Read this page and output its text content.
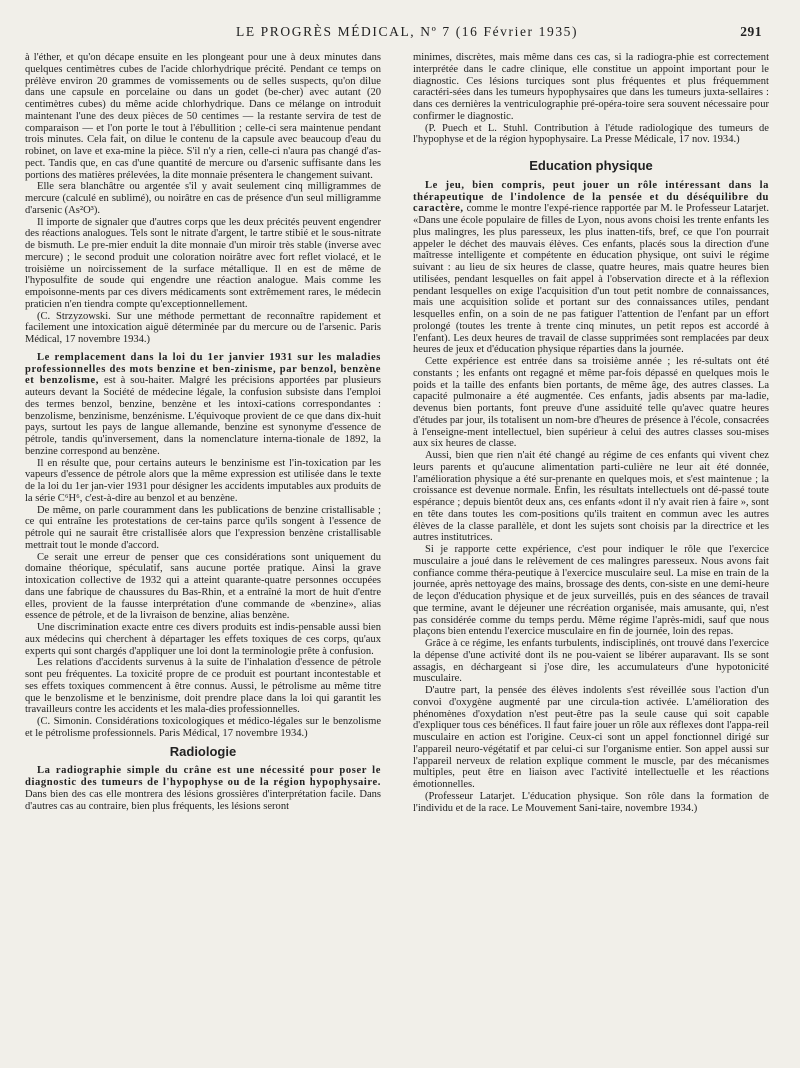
LE PROGRÈS MÉDICAL, Nº 7 (16 Février 1935)	291

à l'éther, et qu'on décape ensuite en les plongeant pour une à deux minutes dans quelques centimètres cubes de l'acide chlorhydrique précité. Pendant ce temps on prélève environ 20 grammes de vomissements ou de selles suspects, qu'on dilue dans une capsule en porcelaine ou dans un godet (be-cher) avec autant (20 centimètres cubes) du même acide chlorhydrique. Dans ce mélange on introduit maintenant l'une des deux pièces de 50 centimes — la restante servira de test de comparaison — et l'on porte le tout à l'ébullition ; celle-ci sera maintenue pendant trois minutes. Cela fait, on dilue le contenu de la capsule avec beaucoup d'eau du robinet, on lave et exa-mine la pièce. S'il n'y a rien, celle-ci n'aura pas changé d'as-pect. Tandis que, en cas d'une quantité de mercure ou d'arsenic suffisante dans les portions des matières prélevées, la dite monnaie présentera le changement suivant.

Elle sera blanchâtre ou argentée s'il y avait seulement cinq milligrammes de mercure (calculé en sublimé), ou noirâtre en cas de présence d'un seul milligramme d'arsenic (As²O³).

Il importe de signaler que d'autres corps que les deux précités peuvent engendrer des réactions analogues. Tels sont le nitrate d'argent, le tartre stibié et le sous-nitrate de bismuth. Le pre-mier enduit la dite monnaie d'un miroir très stable (inverse avec mercure) ; le second produit une coloration noirâtre avec fort reflet violacé, et le troisième un noircissement de la surface métallique. Il en est de même de l'hyposulfite de soude qui engendre une réaction analogue. Mais comme les empoisonne-ments par ces divers médicaments sont extrêmement rares, le médecin praticien n'en tiendra compte qu'exceptionnellement.

(C. Strzyzowski. Sur une méthode permettant de reconnaître rapidement et facilement une intoxication aiguë déterminée par du mercure ou de l'arsenic. Paris Médical, 17 novembre 1934.)

Le remplacement dans la loi du 1er janvier 1931 sur les maladies professionnelles des mots benzine et ben-zinisme, par benzol, benzène et benzolisme, est à sou-haiter. Malgré les précisions apportées par plusieurs auteurs devant la Société de médecine légale, la confusion subsiste dans l'emploi des termes benzol, benzine, benzène et les intoxi-cations correspondantes : benzolisme, benzinisme, benzénisme. L'équivoque provient de ce que dans dix-huit pays, surtout les pays de langue allemande, benzine est synonyme d'essence de pétrole, tandis qu'inversement, dans la nomenclature interna-tionale de 1892, la benzine correspond au benzène.

Il en résulte que, pour certains auteurs le benzinisme est l'in-toxication par les vapeurs d'essence de pétrole alors que la même expression est utilisée dans le texte de la loi du 1er jan-vier 1931 pour désigner les accidents imputables aux produits de la série C⁶H⁶, c'est-à-dire au benzol et au benzène.

De même, on parle couramment dans les publications de benzine cristallisable ; ce qui entraîne les protestations de cer-tains parce qu'ils songent à l'essence de pétrole qui ne saurait être cristallisée alors que l'expression benzène cristallisable mettrait tout le monde d'accord.

Ce serait une erreur de penser que ces considérations sont uniquement du domaine théorique, spéculatif, sans aucune portée pratique. Ainsi la grave intoxication collective de 1932 qui a atteint quarante-quatre personnes occupées dans une fabrique de chaussures du Bas-Rhin, et a entraîné la mort de huit d'entre elles, provient de la fausse interprétation d'une commande de «benzine», alias essence de pétrole, et de la livraison de benzine, alias benzène.

Une discrimination exacte entre ces divers produits est indis-pensable aussi bien aux médecins qui cherchent à départager les effets toxiques de ces corps, qu'aux experts qui sont chargés d'appliquer une loi dont la terminologie prête à confusion.

Les relations d'accidents survenus à la suite de l'inhalation d'essence de pétrole sont peu fréquentes. La toxicité propre de ce produit est pourtant incontestable et ses effets toxiques commencent à être connus. Aussi, le pétrolisme au même titre que le benzolisme et le benzinisme, doit prendre place dans la loi qui garantit les travailleurs contre les accidents et les mala-dies professionnelles.

(C. Simonin. Considérations toxicologiques et médico-légales sur le benzolisme et le pétrolisme professionnels. Paris Médical, 17 novembre 1934.)

Radiologie

La radiographie simple du crâne est une nécessité pour poser le diagnostic des tumeurs de l'hypophyse ou de la région hypophysaire. Dans bien des cas elle montrera des lésions grossières d'interprétation facile. Dans d'autres cas au contraire, bien plus fréquents, les lésions seront

minimes, discrètes, mais même dans ces cas, si la radiogra-phie est correctement interprétée dans le cadre clinique, elle constitue un appoint important pour le diagnostic. Ces lésions turciques sont plus fréquentes et plus fréquemment caractéri-sées dans les tumeurs hypophysaires que dans les tumeurs juxta-sellaires : dans ces dernières la ventriculographie pré-opéra-toire sera souvent nécessaire pour confirmer le diagnostic.

(P. Puech et L. Stuhl. Contribution à l'étude radiologique des tumeurs de l'hypophyse et de la région hypophysaire. La Presse Médicale, 17 nov. 1934.)

Education physique

Le jeu, bien compris, peut jouer un rôle intéressant dans la thérapeutique de l'indolence de la pensée et du déséquilibre du caractère, comme le montre l'expé-rience rapportée par M. le Professeur Latarjet. «Dans une école populaire de filles de Lyon, nous avons choisi les trente enfants les plus malingres, les plus paresseux, les plus inatten-tifs, bref, ce que l'on pourrait appeler le déchet des mauvais élèves. Ces enfants, placés sous la direction d'une maîtresse intelligente et compétente en éducation physique, ont suivi le régime suivant : au lieu de six heures de classe, quatre heures, mais quatre heures bien utilisées, pendant lesquelles on fait appel à l'observation directe et à la réflexion pendant lesquelles on exige l'acquisition d'un tout petit nombre de connaissances, mais une acquisition solide et portant sur des connaissances utiles, pendant lesquelles enfin, on a soin de ne pas fatiguer l'attention de l'enfant par un effort prolongé (toutes les trente à trente cinq minutes, un petit repos est accordé à l'enfant). Les deux heures de travail de classe supprimées sont remplacées par deux heures de jeux et d'éducation physique réparties dans la journée.

Cette expérience est entrée dans sa troisième année ; les ré-sultats ont été constants ; les enfants ont regagné et même par-fois dépassé en quelques mois le poids et la taille des enfants bien portants, de même âge, des autres classes. La capacité pulmonaire a été augmentée. Ces enfants, jadis absents par ma-ladie, devenus bien portants, font preuve d'une assiduité telle qu'avec quatre heures d'études par jour, ils totalisent un nom-bre d'heures de présence à l'école, consacrées à l'enseigne-ment intellectuel, bien supérieur à celui des autres classes sou-mises aux six heures de classe.

Aussi, bien que rien n'ait été changé au régime de ces enfants qui vivent chez leurs parents et qu'aucune alimentation parti-culière ne leur ait été donnée, l'amélioration physique a été sur-prenante en quelques mois, et s'est maintenue ; la croissance est devenue normale. Enfin, les résultats intellectuels ont dé-passé toute espérance ; depuis bientôt deux ans, ces enfants «dont il n'y avait rien à faire », sont en tête dans toutes les com-positions qu'ils traitent en commun avec les autres élèves de la classe parallèle, et dont les sujets sont choisis par la directrice et les autres institutrices.

Si je rapporte cette expérience, c'est pour indiquer le rôle que l'exercice musculaire a joué dans le relèvement de ces malingres paresseux. Nous avons fait confiance comme théra-peutique à l'exercice musculaire seul. La mise en train de la journée, après nettoyage des mains, brossage des dents, con-siste en une demi-heure de leçon d'éducation physique et de jeux surveillés, puis en des séances de travail que termine, avant le déjeuner une récréation organisée, mais amusante, qui, n'est pas considérée comme du temps perdu. Même régime l'après-midi, sauf que nous plaçons bien entendu l'exercice musculaire en fin de journée, loin des repas.

Grâce à ce régime, les enfants turbulents, indisciplinés, ont trouvé dans l'exercice la dépense d'une activité dont ils ne pou-vaient se libérer auparavant. Ils se sont assagis, en déchargeant si j'ose dire, les accumulateurs d'une hypotonicité musculaire.

D'autre part, la pensée des élèves indolents s'est réveillée sous l'action d'un convoi d'oxygène augmenté par une circula-tion activée. L'amélioration des phénomènes d'oxydation n'est peut-être pas la seule cause qui soit capable d'expliquer tous ces bénéfices. Il faut faire jouer un rôle aux réflexes dont l'appa-reil musculaire en action est l'origine. Ceux-ci sont un appel fonctionnel dirigé sur l'appareil neuro-végétatif et par celui-ci sur l'organisme entier. Son appel aussi sur l'appareil nerveux de relation explique comment le muscle, par des mécanismes multiples, peut être en liaison avec l'activité intellectuelle et les réactions émotionnelles.

(Professeur Latarjet. L'éducation physique. Son rôle dans la formation de l'individu et de la race. Le Mouvement Sani-taire, novembre 1934.)
